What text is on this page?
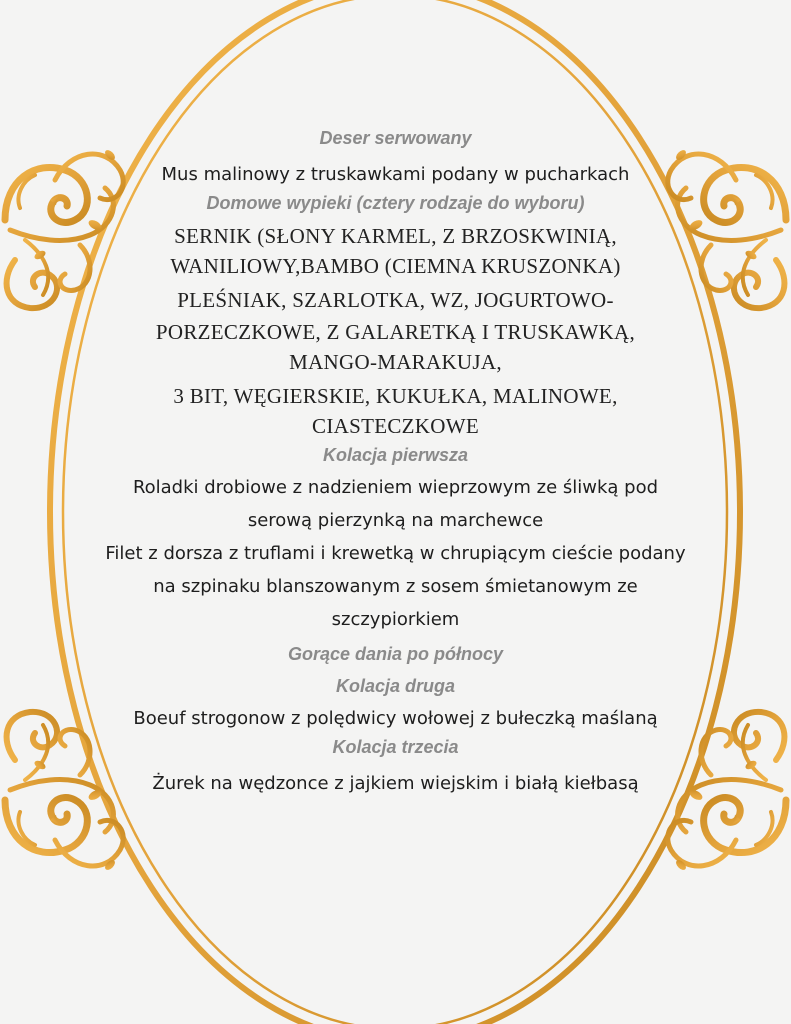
Deser serwowany

Mus malinowy z truskawkami podany w pucharkach

Domowe wypieki (cztery rodzaje do wyboru)

SERNIK (SŁONY KARMEL, Z BRZOSKWINIĄ,

WANILIOWY,BAMBO (CIEMNA KRUSZONKA)

PLEŚNIAK, SZARLOTKA, WZ, JOGURTOWO-

PORZECZKOWE, Z GALARETKĄ I TRUSKAWKĄ,

MANGO-MARAKUJA,

3 BIT, WĘGIERSKIE, KUKUŁKA, MALINOWE,

CIASTECZKOWE

Kolacja pierwsza

Roladki drobiowe z nadzieniem wieprzowym ze śliwką pod

serową pierzynką na marchewce

Filet z dorsza z truflami i krewetką w chrupiącym cieście podany

na szpinaku blanszowanym z sosem śmietanowym ze

szczypiorkiem

Gorące dania po północy

Kolacja druga

Boeuf strogonow z polędwicy wołowej z bułeczką maślaną

Kolacja trzecia

Żurek na wędzonce z jajkiem wiejskim i białą kiełbasą
